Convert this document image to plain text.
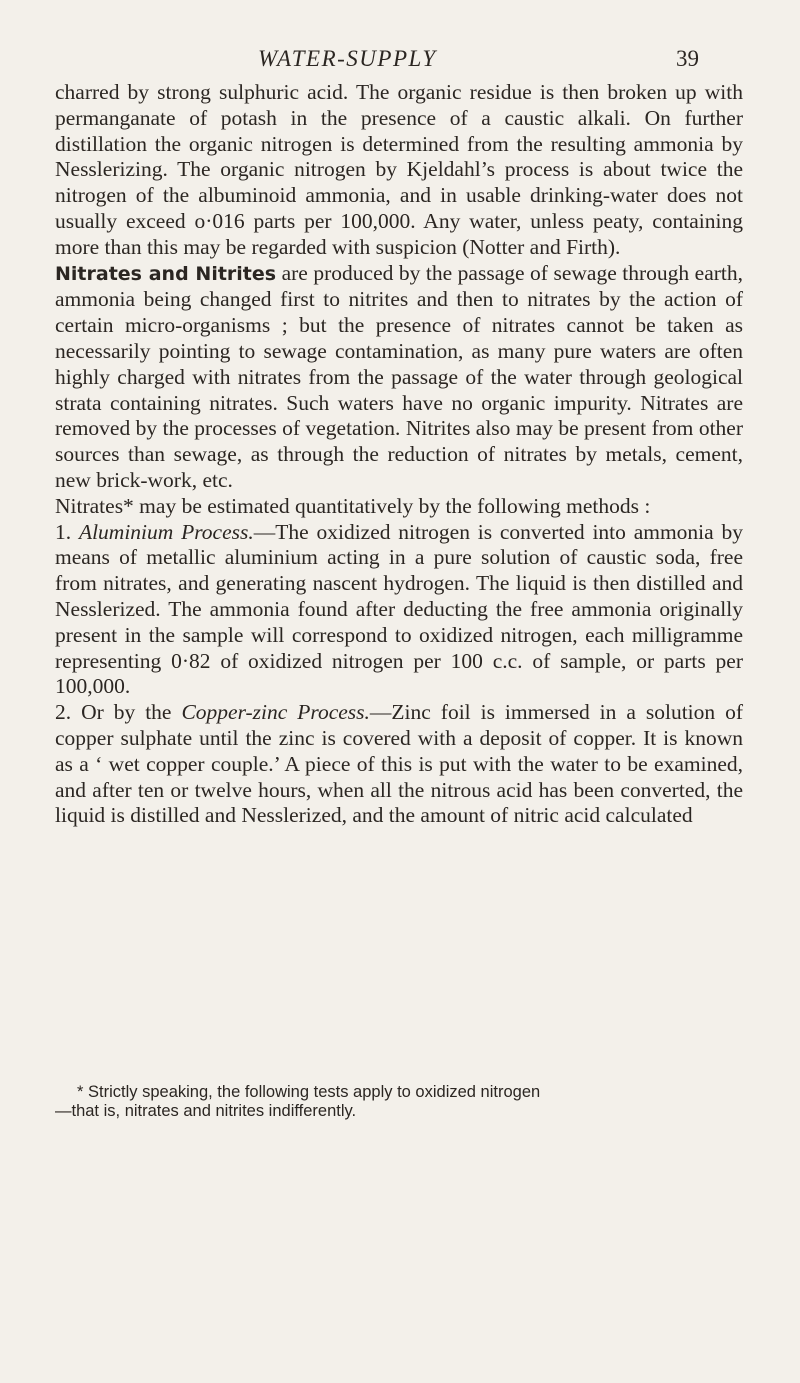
WATER-SUPPLY	39

charred by strong sulphuric acid. The organic residue is then broken up with permanganate of potash in the presence of a caustic alkali. On further distillation the organic nitrogen is determined from the resulting ammonia by Nesslerizing. The organic nitrogen by Kjeldahl’s process is about twice the nitrogen of the albuminoid ammonia, and in usable drinking-water does not usually exceed o·016 parts per 100,000. Any water, unless peaty, containing more than this may be regarded with suspicion (Notter and Firth).

Nitrates and Nitrites are produced by the passage of sewage through earth, ammonia being changed first to nitrites and then to nitrates by the action of certain micro-organisms ; but the presence of nitrates cannot be taken as necessarily pointing to sewage contamination, as many pure waters are often highly charged with nitrates from the passage of the water through geological strata containing nitrates. Such waters have no organic impurity. Nitrates are removed by the processes of vegetation. Nitrites also may be present from other sources than sewage, as through the reduction of nitrates by metals, cement, new brick-work, etc.

Nitrates* may be estimated quantitatively by the following methods :

1. Aluminium Process.—The oxidized nitrogen is converted into ammonia by means of metallic aluminium acting in a pure solution of caustic soda, free from nitrates, and generating nascent hydrogen. The liquid is then distilled and Nesslerized. The ammonia found after deducting the free ammonia originally present in the sample will correspond to oxidized nitrogen, each milligramme representing 0·82 of oxidized nitrogen per 100 c.c. of sample, or parts per 100,000.

2. Or by the Copper-zinc Process.—Zinc foil is immersed in a solution of copper sulphate until the zinc is covered with a deposit of copper. It is known as a ‘ wet copper couple.’ A piece of this is put with the water to be examined, and after ten or twelve hours, when all the nitrous acid has been converted, the liquid is distilled and Nesslerized, and the amount of nitric acid calculated

* Strictly speaking, the following tests apply to oxidized nitrogen

—that is, nitrates and nitrites indifferently.
